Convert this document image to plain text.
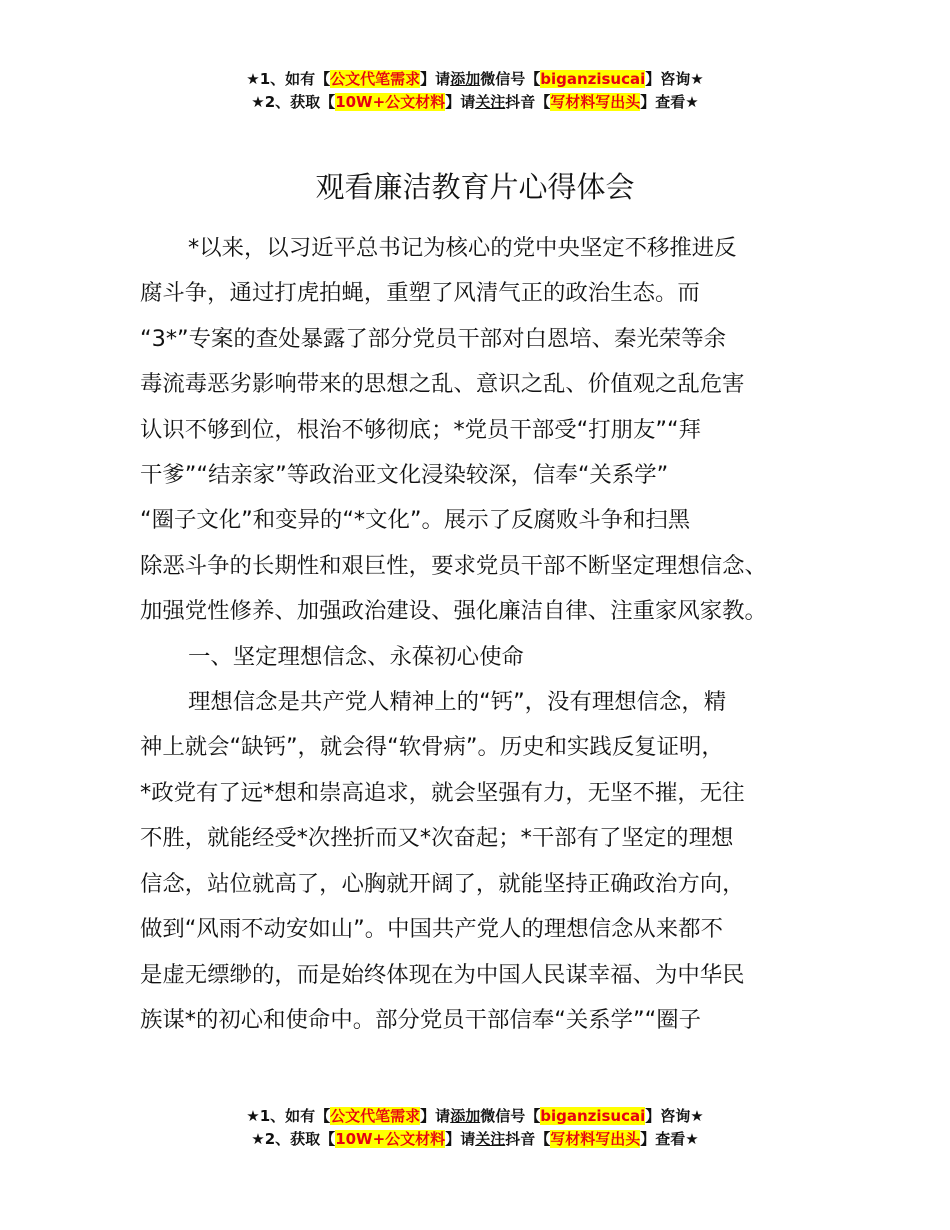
★1、如有【公文代笔需求】请添加微信号【biganzisucai】咨询★
★2、获取【10W+公文材料】请关注抖音【写材料写出头】查看★
观看廉洁教育片心得体会
*以来，以习近平总书记为核心的党中央坚定不移推进反
腐斗争，通过打虎拍蝇，重塑了风清气正的政治生态。而
“3*”专案的查处暴露了部分党员干部对白恩培、秦光荣等余
毒流毒恶劣影响带来的思想之乱、意识之乱、价值观之乱危害
认识不够到位，根治不够彻底；*党员干部受“打朋友”“拜
干爹”“结亲家”等政治亚文化浸染较深，信奉“关系学”
“圈子文化”和变异的“*文化”。展示了反腐败斗争和扫黑
除恶斗争的长期性和艰巨性，要求党员干部不断坚定理想信念、
加强党性修养、加强政治建设、强化廉洁自律、注重家风家教。
一、坚定理想信念、永葆初心使命
理想信念是共产党人精神上的“钙”，没有理想信念，精
神上就会“缺钙”，就会得“软骨病”。历史和实践反复证明，
*政党有了远*想和崇高追求，就会坚强有力，无坚不摧，无往
不胜，就能经受*次挫折而又*次奋起；*干部有了坚定的理想
信念，站位就高了，心胸就开阔了，就能坚持正确政治方向，
做到“风雨不动安如山”。中国共产党人的理想信念从来都不
是虚无缥缈的，而是始终体现在为中国人民谋幸福、为中华民
族谋*的初心和使命中。部分党员干部信奉“关系学”“圈子
★1、如有【公文代笔需求】请添加微信号【biganzisucai】咨询★
★2、获取【10W+公文材料】请关注抖音【写材料写出头】查看★
